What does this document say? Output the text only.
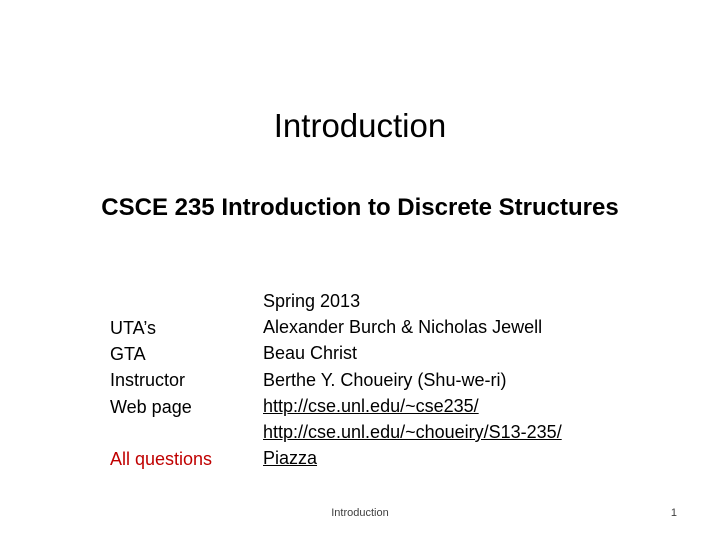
Introduction
CSCE 235 Introduction to Discrete Structures
UTA’s
GTA
Instructor
Web page
All questions
Spring 2013
Alexander Burch & Nicholas Jewell
Beau Christ
Berthe Y. Choueiry (Shu-we-ri)
http://cse.unl.edu/~cse235/
http://cse.unl.edu/~choueiry/S13-235/
Piazza
Introduction	1
